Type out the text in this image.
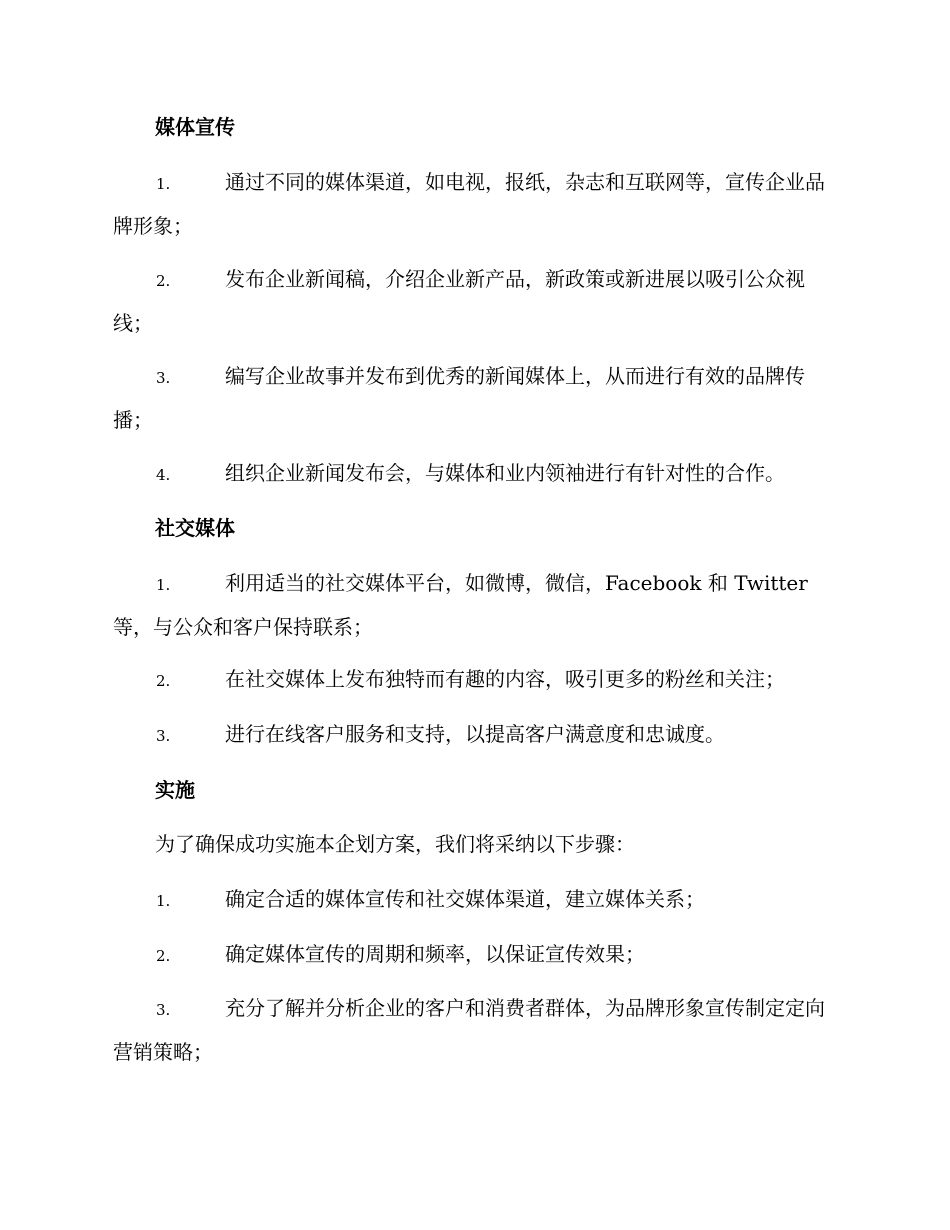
媒体宣传
1.	通过不同的媒体渠道，如电视，报纸，杂志和互联网等，宣传企业品牌形象；
2.	发布企业新闻稿，介绍企业新产品，新政策或新进展以吸引公众视线；
3.	编写企业故事并发布到优秀的新闻媒体上，从而进行有效的品牌传播；
4.	组织企业新闻发布会，与媒体和业内领袖进行有针对性的合作。
社交媒体
1.	利用适当的社交媒体平台，如微博，微信，Facebook 和 Twitter 等，与公众和客户保持联系；
2.	在社交媒体上发布独特而有趣的内容，吸引更多的粉丝和关注；
3.	进行在线客户服务和支持，以提高客户满意度和忠诚度。
实施
为了确保成功实施本企划方案，我们将采纳以下步骤：
1.	确定合适的媒体宣传和社交媒体渠道，建立媒体关系；
2.	确定媒体宣传的周期和频率，以保证宣传效果；
3.	充分了解并分析企业的客户和消费者群体，为品牌形象宣传制定定向营销策略；
